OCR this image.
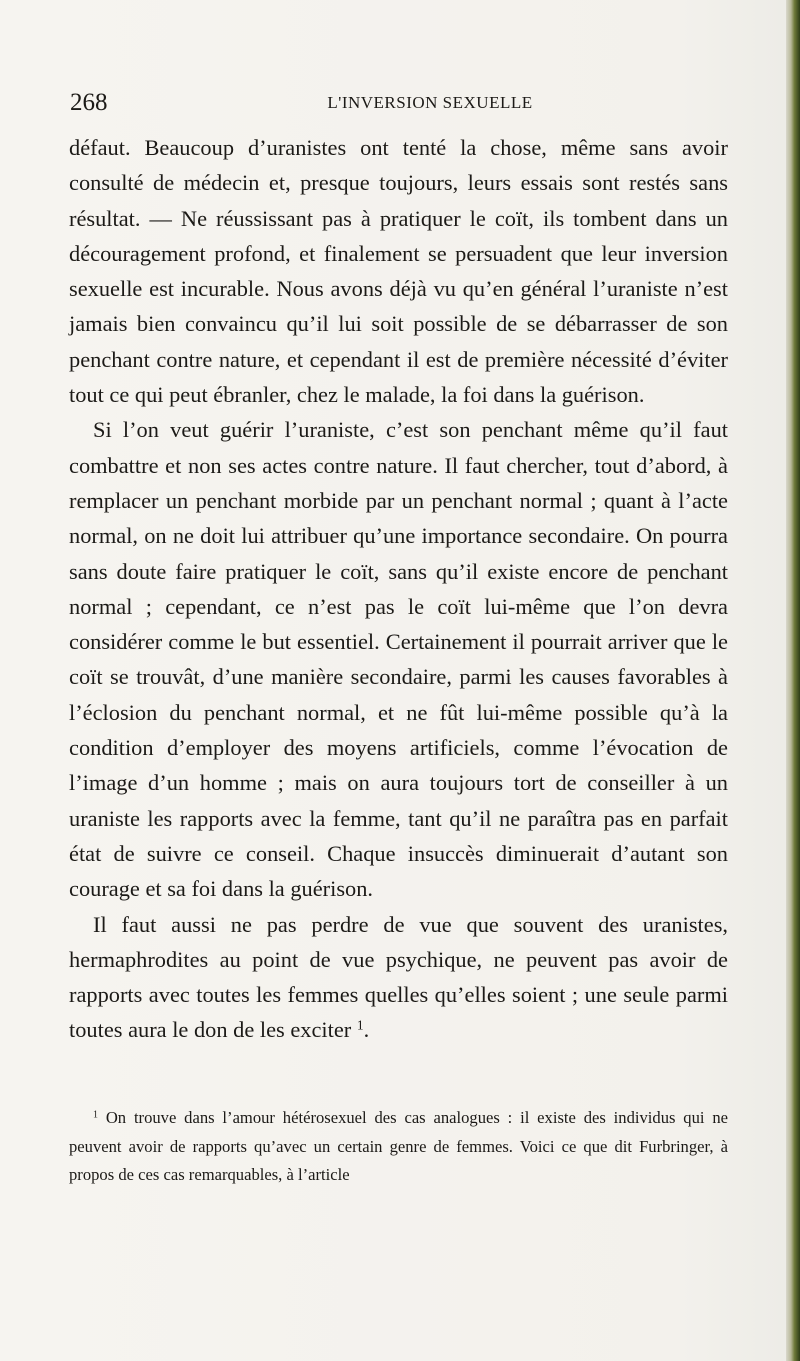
268	L'INVERSION SEXUELLE

défaut. Beaucoup d’uranistes ont tenté la chose, même sans avoir consulté de médecin et, presque toujours, leurs essais sont restés sans résultat. — Ne réussissant pas à pratiquer le coït, ils tombent dans un découragement profond, et finalement se persuadent que leur inversion sexuelle est incurable. Nous avons déjà vu qu’en général l’uraniste n’est jamais bien convaincu qu’il lui soit possible de se débarrasser de son penchant contre nature, et cependant il est de première nécessité d’éviter tout ce qui peut ébranler, chez le malade, la foi dans la guérison.

Si l’on veut guérir l’uraniste, c’est son penchant même qu’il faut combattre et non ses actes contre nature. Il faut chercher, tout d’abord, à remplacer un penchant morbide par un penchant normal ; quant à l’acte normal, on ne doit lui attribuer qu’une importance secondaire. On pourra sans doute faire pratiquer le coït, sans qu’il existe encore de penchant normal ; cependant, ce n’est pas le coït lui-même que l’on devra considérer comme le but essentiel. Certainement il pourrait arriver que le coït se trouvât, d’une manière secondaire, parmi les causes favorables à l’éclosion du penchant normal, et ne fût lui-même possible qu’à la condition d’employer des moyens artificiels, comme l’évocation de l’image d’un homme ; mais on aura toujours tort de conseiller à un uraniste les rapports avec la femme, tant qu’il ne paraîtra pas en parfait état de suivre ce conseil. Chaque insuccès diminuerait d’autant son courage et sa foi dans la guérison.

Il faut aussi ne pas perdre de vue que souvent des uranistes, hermaphrodites au point de vue psychique, ne peuvent pas avoir de rapports avec toutes les femmes quelles qu’elles soient ; une seule parmi toutes aura le don de les exciter $^1$.

$^1$ On trouve dans l’amour hétérosexuel des cas analogues : il existe des individus qui ne peuvent avoir de rapports qu’avec un certain genre de femmes. Voici ce que dit Furbringer, à propos de ces cas remarquables, à l’article
